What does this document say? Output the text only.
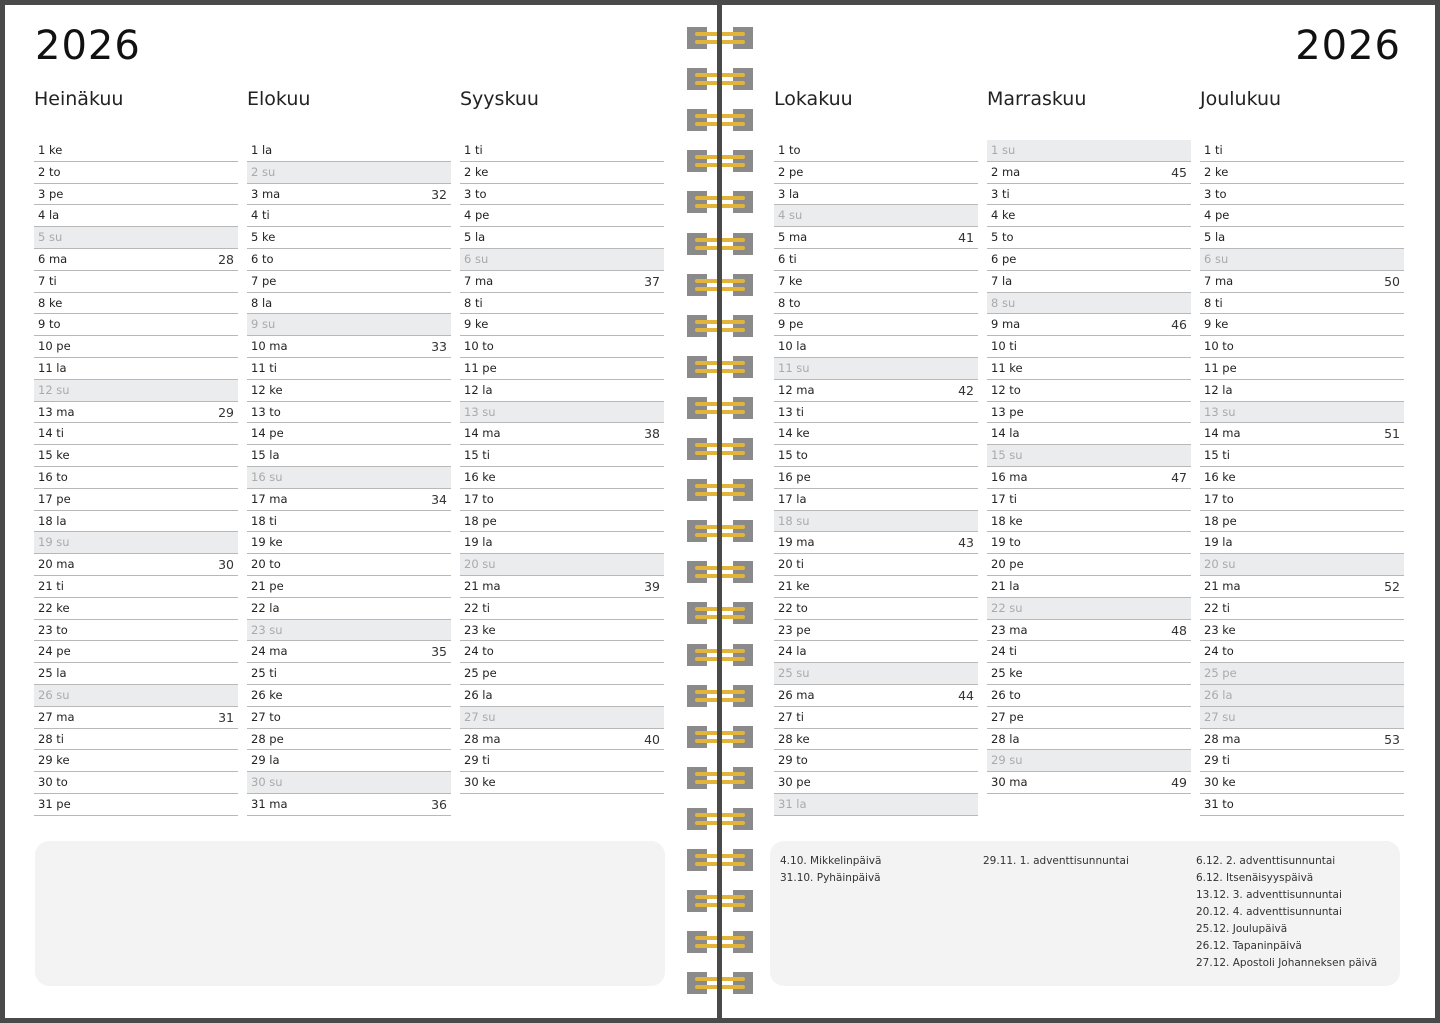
2026	2026
4.10. Mikkelinpäivä
31.10. Pyhäinpäivä
29.11. 1. adventtisunnuntai	6.12. 2. adventtisunnuntai
6.12. Itsenäisyyspäivä
13.12. 3. adventtisunnuntai
20.12. 4. adventtisunnuntai
25.12. Joulupäivä
26.12. Tapaninpäivä
27.12. Apostoli Johanneksen päivä
Heinäkuu
1 ke
2 to
3 pe
4 la
5 su
6 ma	28
7 ti
8 ke
9 to
10 pe
11 la
12 su
13 ma	29
14 ti
15 ke
16 to
17 pe
18 la
19 su
20 ma	30
21 ti
22 ke
23 to
24 pe
25 la
26 su
27 ma	31
28 ti
29 ke
30 to
31 pe
Elokuu
1 la
2 su
3 ma	32
4 ti
5 ke
6 to
7 pe
8 la
9 su
10 ma	33
11 ti
12 ke
13 to
14 pe
15 la
16 su
17 ma	34
18 ti
19 ke
20 to
21 pe
22 la
23 su
24 ma	35
25 ti
26 ke
27 to
28 pe
29 la
30 su
31 ma	36
Syyskuu
1 ti
2 ke
3 to
4 pe
5 la
6 su
7 ma	37
8 ti
9 ke
10 to
11 pe
12 la
13 su
14 ma	38
15 ti
16 ke
17 to
18 pe
19 la
20 su
21 ma	39
22 ti
23 ke
24 to
25 pe
26 la
27 su
28 ma	40
29 ti
30 ke
Lokakuu
1 to
2 pe
3 la
4 su
5 ma	41
6 ti
7 ke
8 to
9 pe
10 la
11 su
12 ma	42
13 ti
14 ke
15 to
16 pe
17 la
18 su
19 ma	43
20 ti
21 ke
22 to
23 pe
24 la
25 su
26 ma	44
27 ti
28 ke
29 to
30 pe
31 la
Marraskuu
1 su
2 ma	45
3 ti
4 ke
5 to
6 pe
7 la
8 su
9 ma	46
10 ti
11 ke
12 to
13 pe
14 la
15 su
16 ma	47
17 ti
18 ke
19 to
20 pe
21 la
22 su
23 ma	48
24 ti
25 ke
26 to
27 pe
28 la
29 su
30 ma	49
Joulukuu
1 ti
2 ke
3 to
4 pe
5 la
6 su
7 ma	50
8 ti
9 ke
10 to
11 pe
12 la
13 su
14 ma	51
15 ti
16 ke
17 to
18 pe
19 la
20 su
21 ma	52
22 ti
23 ke
24 to
25 pe
26 la
27 su
28 ma	53
29 ti
30 ke
31 to
